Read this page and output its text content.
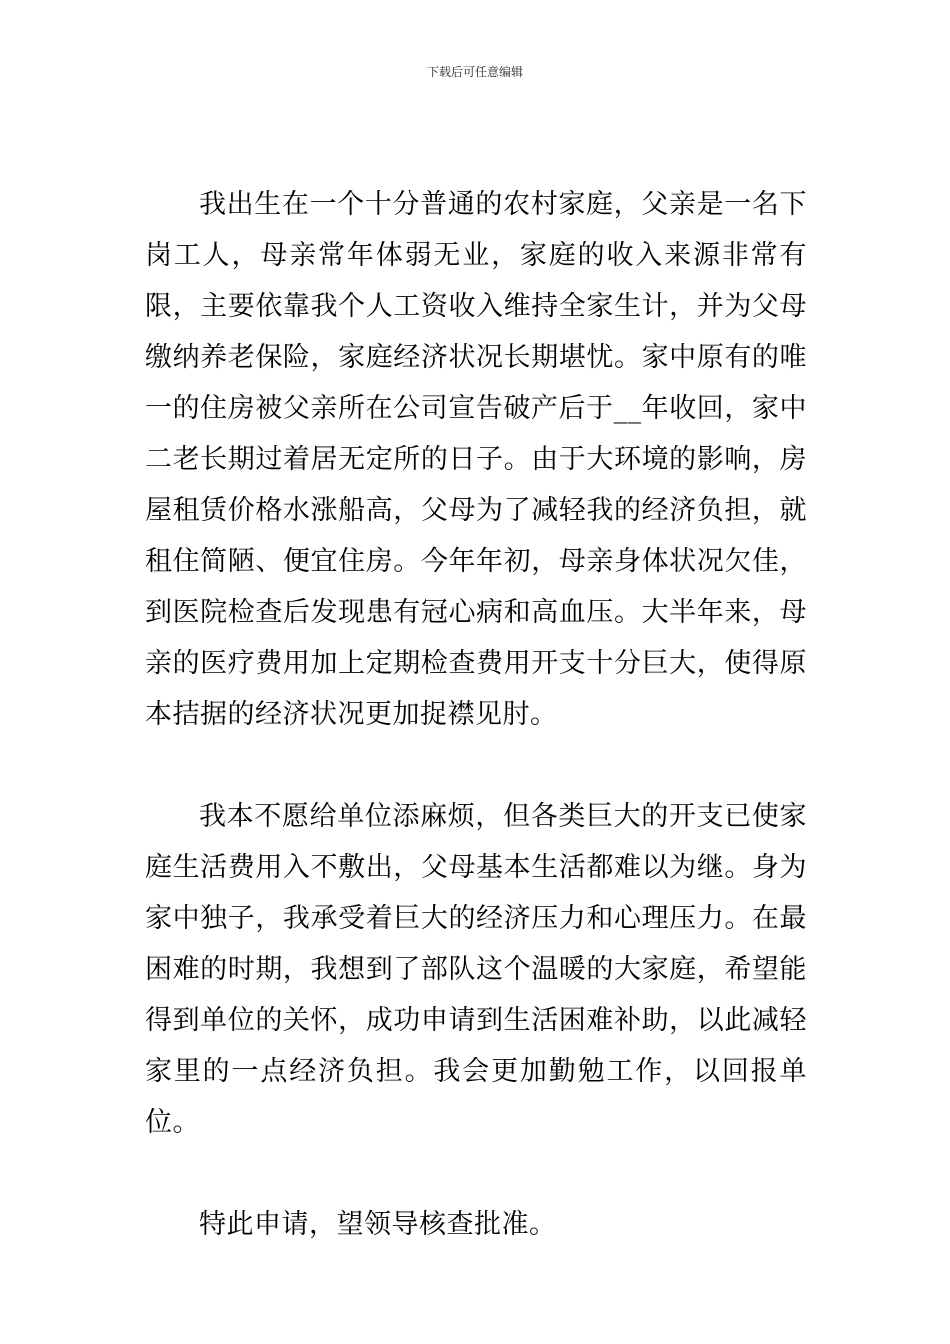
下载后可任意编辑

我出生在一个十分普通的农村家庭，父亲是一名下岗工人，母亲常年体弱无业，家庭的收入来源非常有限，主要依靠我个人工资收入维持全家生计，并为父母缴纳养老保险，家庭经济状况长期堪忧。家中原有的唯一的住房被父亲所在公司宣告破产后于__年收回，家中二老长期过着居无定所的日子。由于大环境的影响，房屋租赁价格水涨船高，父母为了减轻我的经济负担，就租住简陋、便宜住房。今年年初，母亲身体状况欠佳，到医院检查后发现患有冠心病和高血压。大半年来，母亲的医疗费用加上定期检查费用开支十分巨大，使得原本拮据的经济状况更加捉襟见肘。

我本不愿给单位添麻烦，但各类巨大的开支已使家庭生活费用入不敷出，父母基本生活都难以为继。身为家中独子，我承受着巨大的经济压力和心理压力。在最困难的时期，我想到了部队这个温暖的大家庭，希望能得到单位的关怀，成功申请到生活困难补助，以此减轻家里的一点经济负担。我会更加勤勉工作，以回报单位。

特此申请，望领导核查批准。
